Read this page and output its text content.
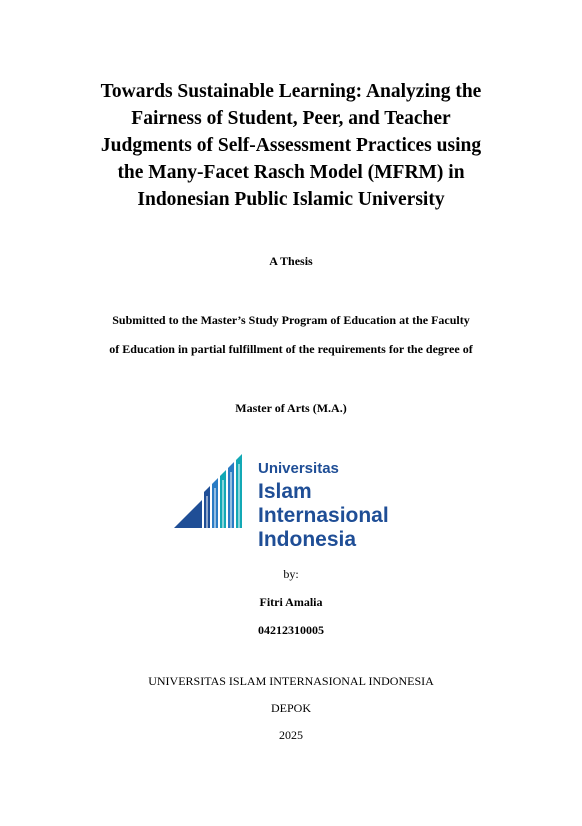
Towards Sustainable Learning: Analyzing the
Fairness of Student, Peer, and Teacher
Judgments of Self-Assessment Practices using
the Many-Facet Rasch Model (MFRM) in
Indonesian Public Islamic University
A Thesis
Submitted to the Master’s Study Program of Education at the Faculty
of Education in partial fulfillment of the requirements for the degree of
Master of Arts (M.A.)
Universitas
Islam Internasional
Indonesia
by:
Fitri Amalia
04212310005
UNIVERSITAS ISLAM INTERNASIONAL INDONESIA
DEPOK
2025
